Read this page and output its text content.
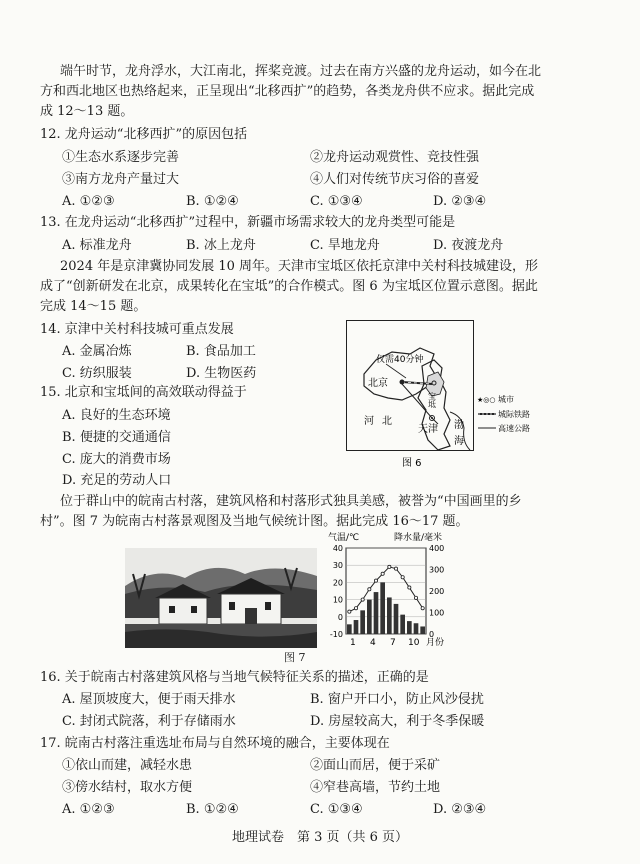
端午时节，龙舟浮水，大江南北，挥桨竞渡。过去在南方兴盛的龙舟运动，如今在北
方和西北地区也热络起来，正呈现出“北移西扩”的趋势，各类龙舟供不应求。据此完成
成 12～13 题。
12. 龙舟运动“北移西扩”的原因包括
①生态水系逐步完善	②龙舟运动观赏性、竞技性强
③南方龙舟产量过大	④人们对传统节庆习俗的喜爱
A. ①②③	B. ①②④	C. ①③④	D. ②③④
13. 在龙舟运动“北移西扩”过程中，新疆市场需求较大的龙舟类型可能是
A. 标准龙舟	B. 冰上龙舟	C. 旱地龙舟	D. 夜渡龙舟
2024 年是京津冀协同发展 10 周年。天津市宝坻区依托京津中关村科技城建设，形
成了“创新研发在北京，成果转化在宝坻”的合作模式。图 6 为宝坻区位置示意图。据此
完成 14～15 题。
14. 京津中关村科技城可重点发展
A. 金属冶炼	B. 食品加工
C. 纺织服装	D. 生物医药
15. 北京和宝坻间的高效联动得益于
A. 良好的生态环境
B. 便捷的交通通信
C. 庞大的消费市场
D. 充足的劳动人口
仅需40分钟
北京
宝坻
河北
天津 渤
海
★◎○ 城市
城际铁路
高速公路
图 6
位于群山中的皖南古村落，建筑风格和村落形式独具美感，被誉为“中国画里的乡
村”。图 7 为皖南古村落景观图及当地气候统计图。据此完成 16～17 题。
图 7
气温/℃	降水量/毫米
40
30
20
10
0
-10
400
300
200
100
0
1 4 7 10 月份
16. 关于皖南古村落建筑风格与当地气候特征关系的描述，正确的是
A. 屋顶坡度大，便于雨天排水	B. 窗户开口小，防止风沙侵扰
C. 封闭式院落，利于存储雨水	D. 房屋较高大，利于冬季保暖
17. 皖南古村落注重选址布局与自然环境的融合，主要体现在
①依山而建，减轻水患	②面山而居，便于采矿
③傍水结村，取水方便	④窄巷高墙，节约土地
A. ①②③	B. ①②④	C. ①③④	D. ②③④
地理试卷　第 3 页（共 6 页）
